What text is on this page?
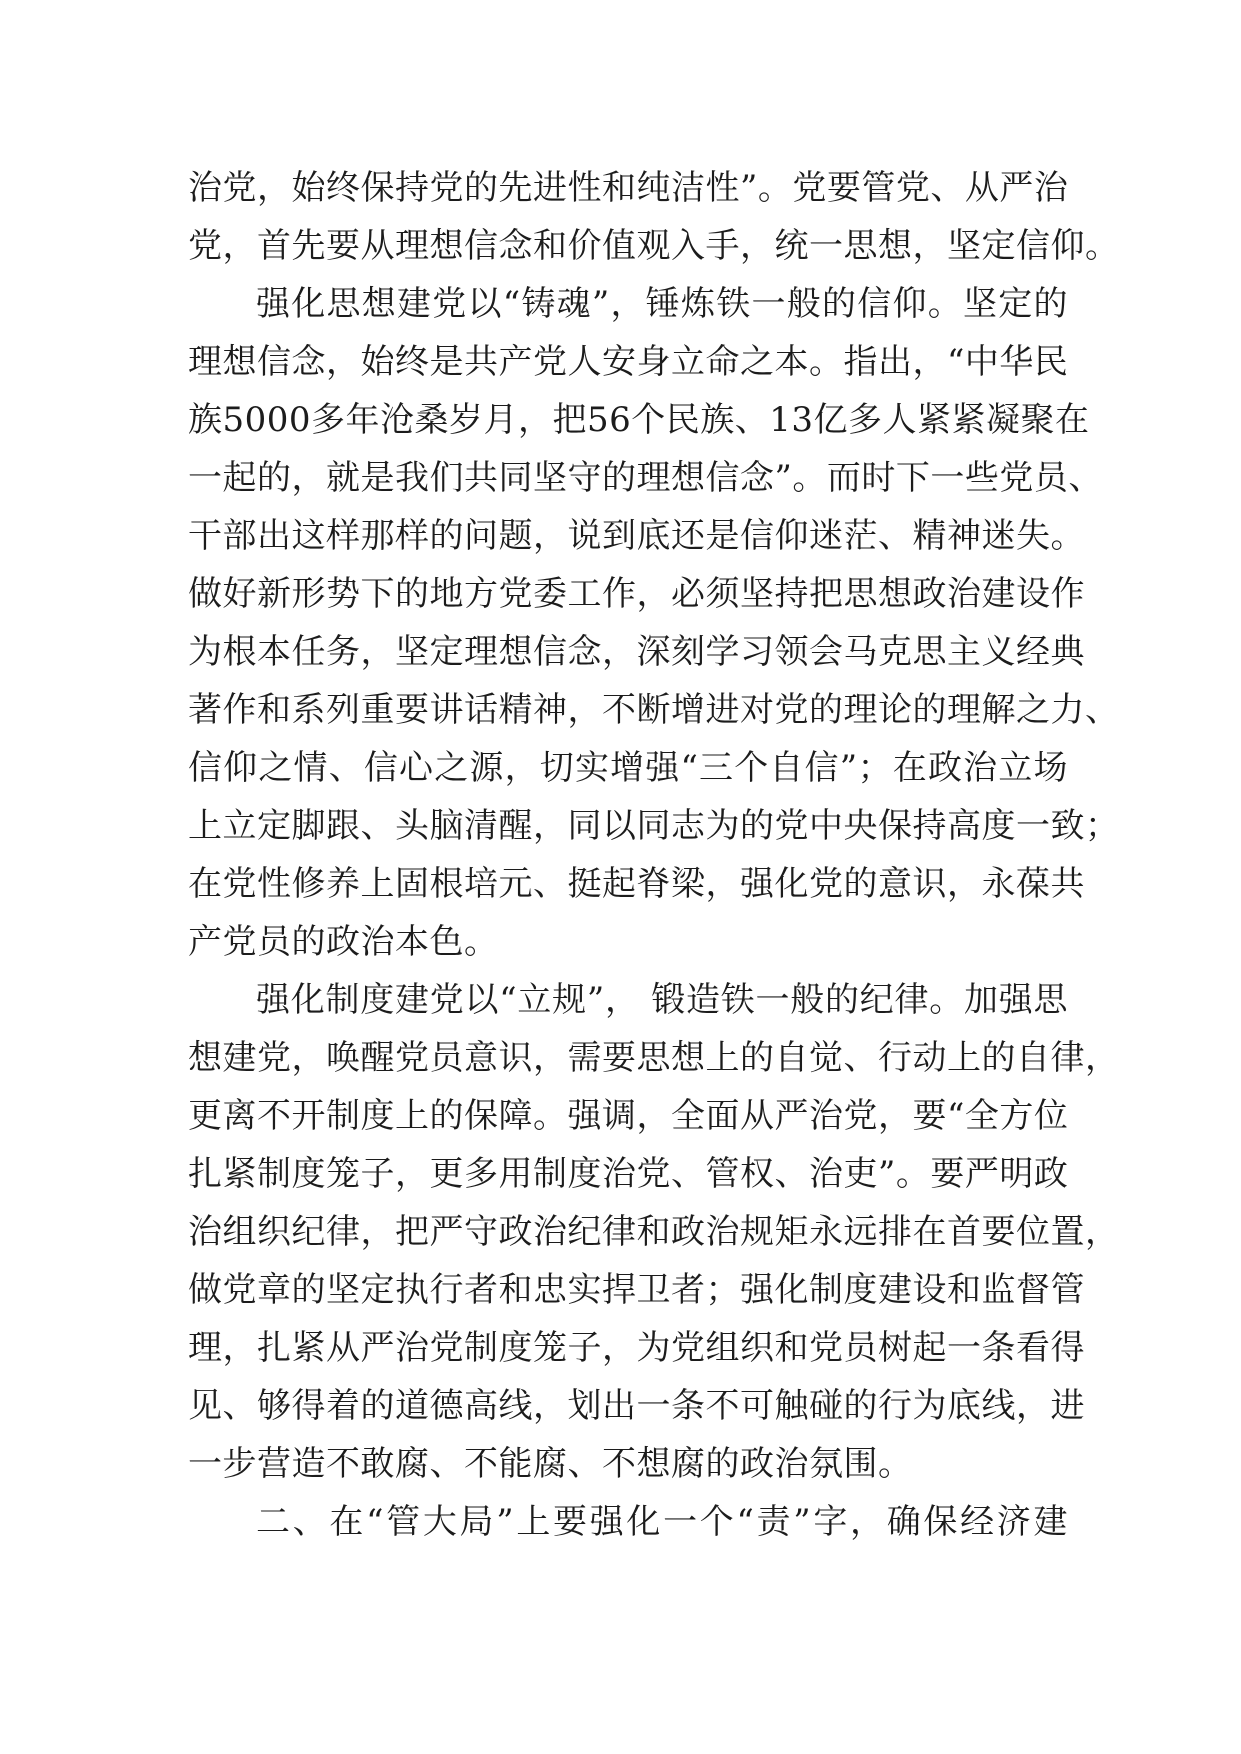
治党，始终保持党的先进性和纯洁性”。党要管党、从严治
党，首先要从理想信念和价值观入手，统一思想，坚定信仰。
强化思想建党以“铸魂”，锤炼铁一般的信仰。坚定的
理想信念，始终是共产党人安身立命之本。指出，“中华民
族5000多年沧桑岁月，把56个民族、13亿多人紧紧凝聚在
一起的，就是我们共同坚守的理想信念”。而时下一些党员、
干部出这样那样的问题，说到底还是信仰迷茫、精神迷失。
做好新形势下的地方党委工作，必须坚持把思想政治建设作
为根本任务，坚定理想信念，深刻学习领会马克思主义经典
著作和系列重要讲话精神，不断增进对党的理论的理解之力、
信仰之情、信心之源，切实增强“三个自信”；在政治立场
上立定脚跟、头脑清醒，同以同志为的党中央保持高度一致；
在党性修养上固根培元、挺起脊梁，强化党的意识，永葆共
产党员的政治本色。
强化制度建党以“立规”， 锻造铁一般的纪律。加强思
想建党，唤醒党员意识，需要思想上的自觉、行动上的自律，
更离不开制度上的保障。强调，全面从严治党，要“全方位
扎紧制度笼子，更多用制度治党、管权、治吏”。要严明政
治组织纪律，把严守政治纪律和政治规矩永远排在首要位置，
做党章的坚定执行者和忠实捍卫者；强化制度建设和监督管
理，扎紧从严治党制度笼子，为党组织和党员树起一条看得
见、够得着的道德高线，划出一条不可触碰的行为底线，进
一步营造不敢腐、不能腐、不想腐的政治氛围。
二、在“管大局”上要强化一个“责”字，确保经济建
